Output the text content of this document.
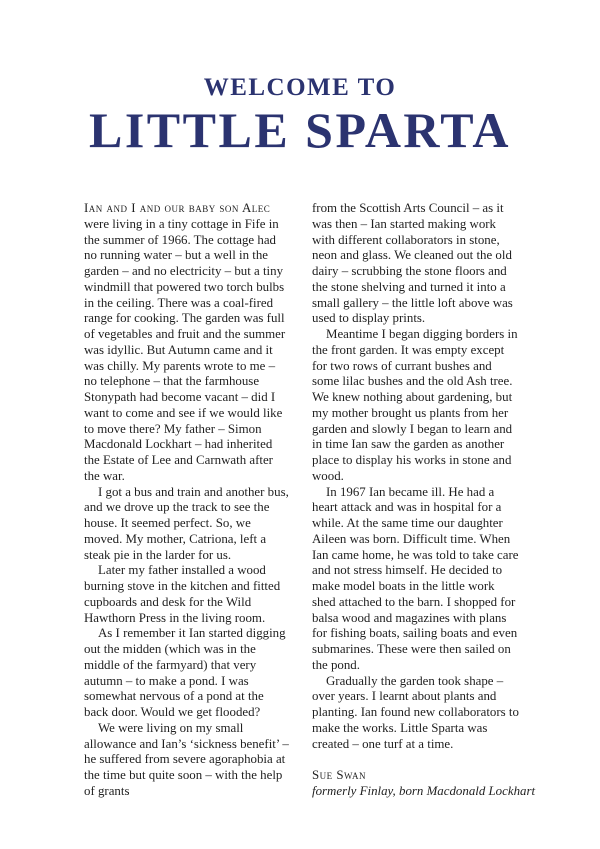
WELCOME TO
LITTLE SPARTA

Ian and I and our baby son Alec were living in a tiny cottage in Fife in the summer of 1966. The cottage had no running water – but a well in the garden – and no electricity – but a tiny windmill that powered two torch bulbs in the ceiling. There was a coal-fired range for cooking. The garden was full of vegetables and fruit and the summer was idyllic. But Autumn came and it was chilly. My parents wrote to me – no telephone – that the farmhouse Stonypath had become vacant – did I want to come and see if we would like to move there? My father – Simon Macdonald Lockhart – had inherited the Estate of Lee and Carnwath after the war.

I got a bus and train and another bus, and we drove up the track to see the house. It seemed perfect. So, we moved. My mother, Catriona, left a steak pie in the larder for us.

Later my father installed a wood burning stove in the kitchen and fitted cupboards and desk for the Wild Hawthorn Press in the living room.

As I remember it Ian started digging out the midden (which was in the middle of the farmyard) that very autumn – to make a pond. I was somewhat nervous of a pond at the back door. Would we get flooded?

We were living on my small allowance and Ian’s ‘sickness benefit’ – he suffered from severe agoraphobia at the time but quite soon – with the help of grants

from the Scottish Arts Council – as it was then – Ian started making work with different collaborators in stone, neon and glass. We cleaned out the old dairy – scrubbing the stone floors and the stone shelving and turned it into a small gallery – the little loft above was used to display prints.

Meantime I began digging borders in the front garden. It was empty except for two rows of currant bushes and some lilac bushes and the old Ash tree. We knew nothing about gardening, but my mother brought us plants from her garden and slowly I began to learn and in time Ian saw the garden as another place to display his works in stone and wood.

In 1967 Ian became ill. He had a heart attack and was in hospital for a while. At the same time our daughter Aileen was born. Difficult time. When Ian came home, he was told to take care and not stress himself. He decided to make model boats in the little work shed attached to the barn. I shopped for balsa wood and magazines with plans for fishing boats, sailing boats and even submarines. These were then sailed on the pond.

Gradually the garden took shape – over years. I learnt about plants and planting. Ian found new collaborators to make the works. Little Sparta was created – one turf at a time.

Sue Swan

formerly Finlay, born Macdonald Lockhart
